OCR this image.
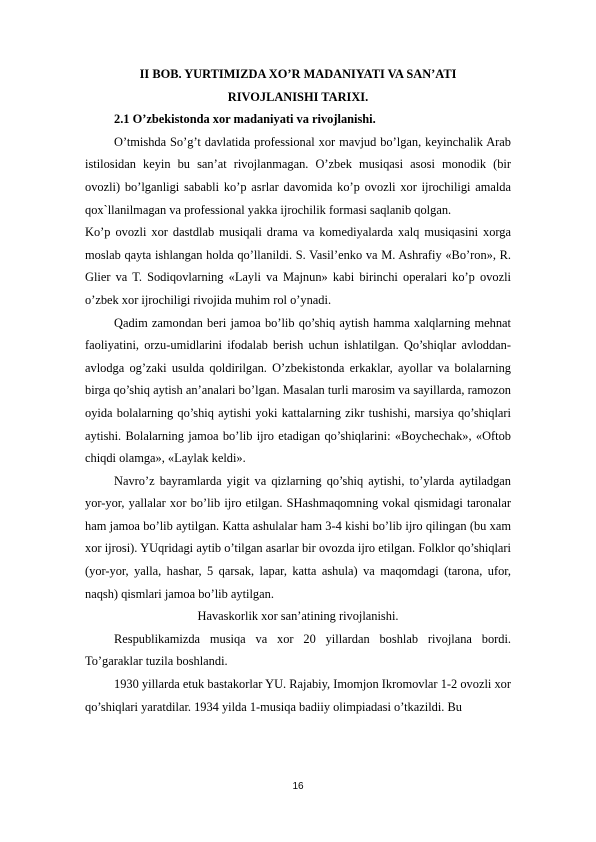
II BOB. YURTIMIZDA XO’R MADANIYATI VA SAN’ATI
RIVOJLANISHI TARIXI.

2.1 O’zbekistonda xor madaniyati va rivojlanishi.

O’tmishda So’g’t davlatida professional xor mavjud bo’lgan, keyinchalik Arab istilosidan keyin bu san’at rivojlanmagan. O’zbek musiqasi asosi monodik (bir ovozli) bo’lganligi sababli ko’p asrlar davomida ko’p ovozli xor ijrochiligi amalda qox`llanilmagan va professional yakka ijrochilik formasi saqlanib qolgan.

Ko’p ovozli xor dastdlab musiqali drama va komediyalarda xalq musiqasini xorga moslab qayta ishlangan holda qo’llanildi. S. Vasil’enko va M. Ashrafiy «Bo’ron», R. Glier va T. Sodiqovlarning «Layli va Majnun» kabi birinchi operalari ko’p ovozli o’zbek xor ijrochiligi rivojida muhim rol o’ynadi.

Qadim zamondan beri jamoa bo’lib qo’shiq aytish hamma xalqlarning mehnat faoliyatini, orzu-umidlarini ifodalab berish uchun ishlatilgan. Qo’shiqlar avloddan-avlodga og’zaki usulda qoldirilgan. O’zbekistonda erkaklar, ayollar va bolalarning birga qo’shiq aytish an’analari bo’lgan. Masalan turli marosim va sayillarda, ramozon oyida bolalarning qo’shiq aytishi yoki kattalarning zikr tushishi, marsiya qo’shiqlari aytishi. Bolalarning jamoa bo’lib ijro etadigan qo’shiqlarini: «Boychechak», «Oftob chiqdi olamga», «Laylak keldi».

Navro’z bayramlarda yigit va qizlarning qo’shiq aytishi, to’ylarda aytiladgan yor-yor, yallalar xor bo’lib ijro etilgan. SHashmaqomning vokal qismidagi taronalar ham jamoa bo’lib aytilgan. Katta ashulalar ham 3-4 kishi bo’lib ijro qilingan (bu xam xor ijrosi). YUqridagi aytib o’tilgan asarlar bir ovozda ijro etilgan. Folklor qo’shiqlari (yor-yor, yalla, hashar, 5 qarsak, lapar, katta ashula) va maqomdagi (tarona, ufor, naqsh) qismlari jamoa bo’lib aytilgan.

Havaskorlik xor san’atining rivojlanishi.

Respublikamizda musiqa va xor 20 yillardan boshlab rivojlana bordi. To’garaklar tuzila boshlandi.

1930 yillarda etuk bastakorlar YU. Rajabiy, Imomjon Ikromovlar 1-2 ovozli xor qo’shiqlari yaratdilar. 1934 yilda 1-musiqa badiiy olimpiadasi o’tkazildi. Bu

16
